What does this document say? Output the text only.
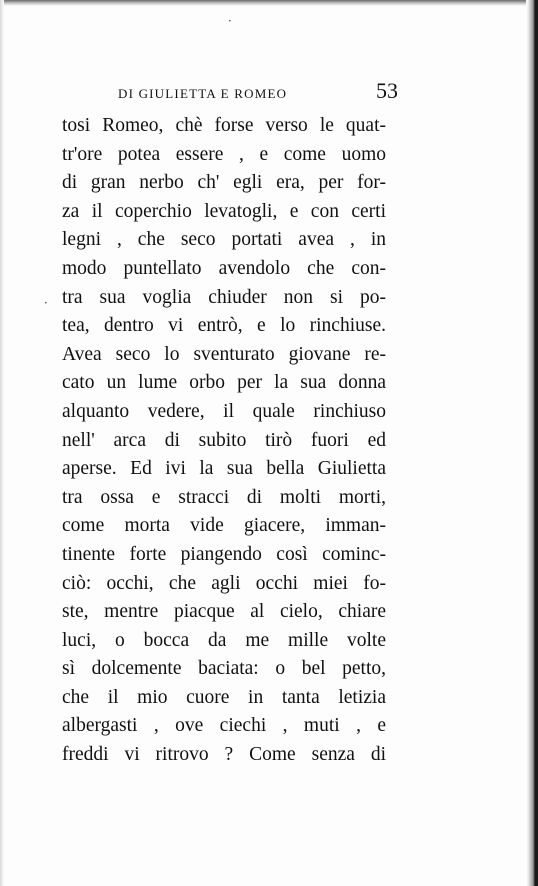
DI GIULIETTA E ROMEO	53
tosi Romeo, chè forse verso le quat-
tr'ore potea essere , e come uomo
di gran nerbo ch' egli era, per for-
za il coperchio levatogli, e con certi
legni , che seco portati avea , in
modo puntellato avendolo che con-
tra sua voglia chiuder non si po-
tea, dentro vi entrò, e lo rinchiuse.
Avea seco lo sventurato giovane re-
cato un lume orbo per la sua donna
alquanto vedere, il quale rinchiuso
nell' arca di subito tirò fuori ed
aperse. Ed ivi la sua bella Giulietta
tra ossa e stracci di molti morti,
come morta vide giacere, imman-
tinente forte piangendo così cominc-
ciò: occhi, che agli occhi miei fo-
ste, mentre piacque al cielo, chiare
luci, o bocca da me mille volte
sì dolcemente baciata: o bel petto,
che il mio cuore in tanta letizia
albergasti , ove ciechi , muti , e
freddi vi ritrovo ? Come senza di
·
·
